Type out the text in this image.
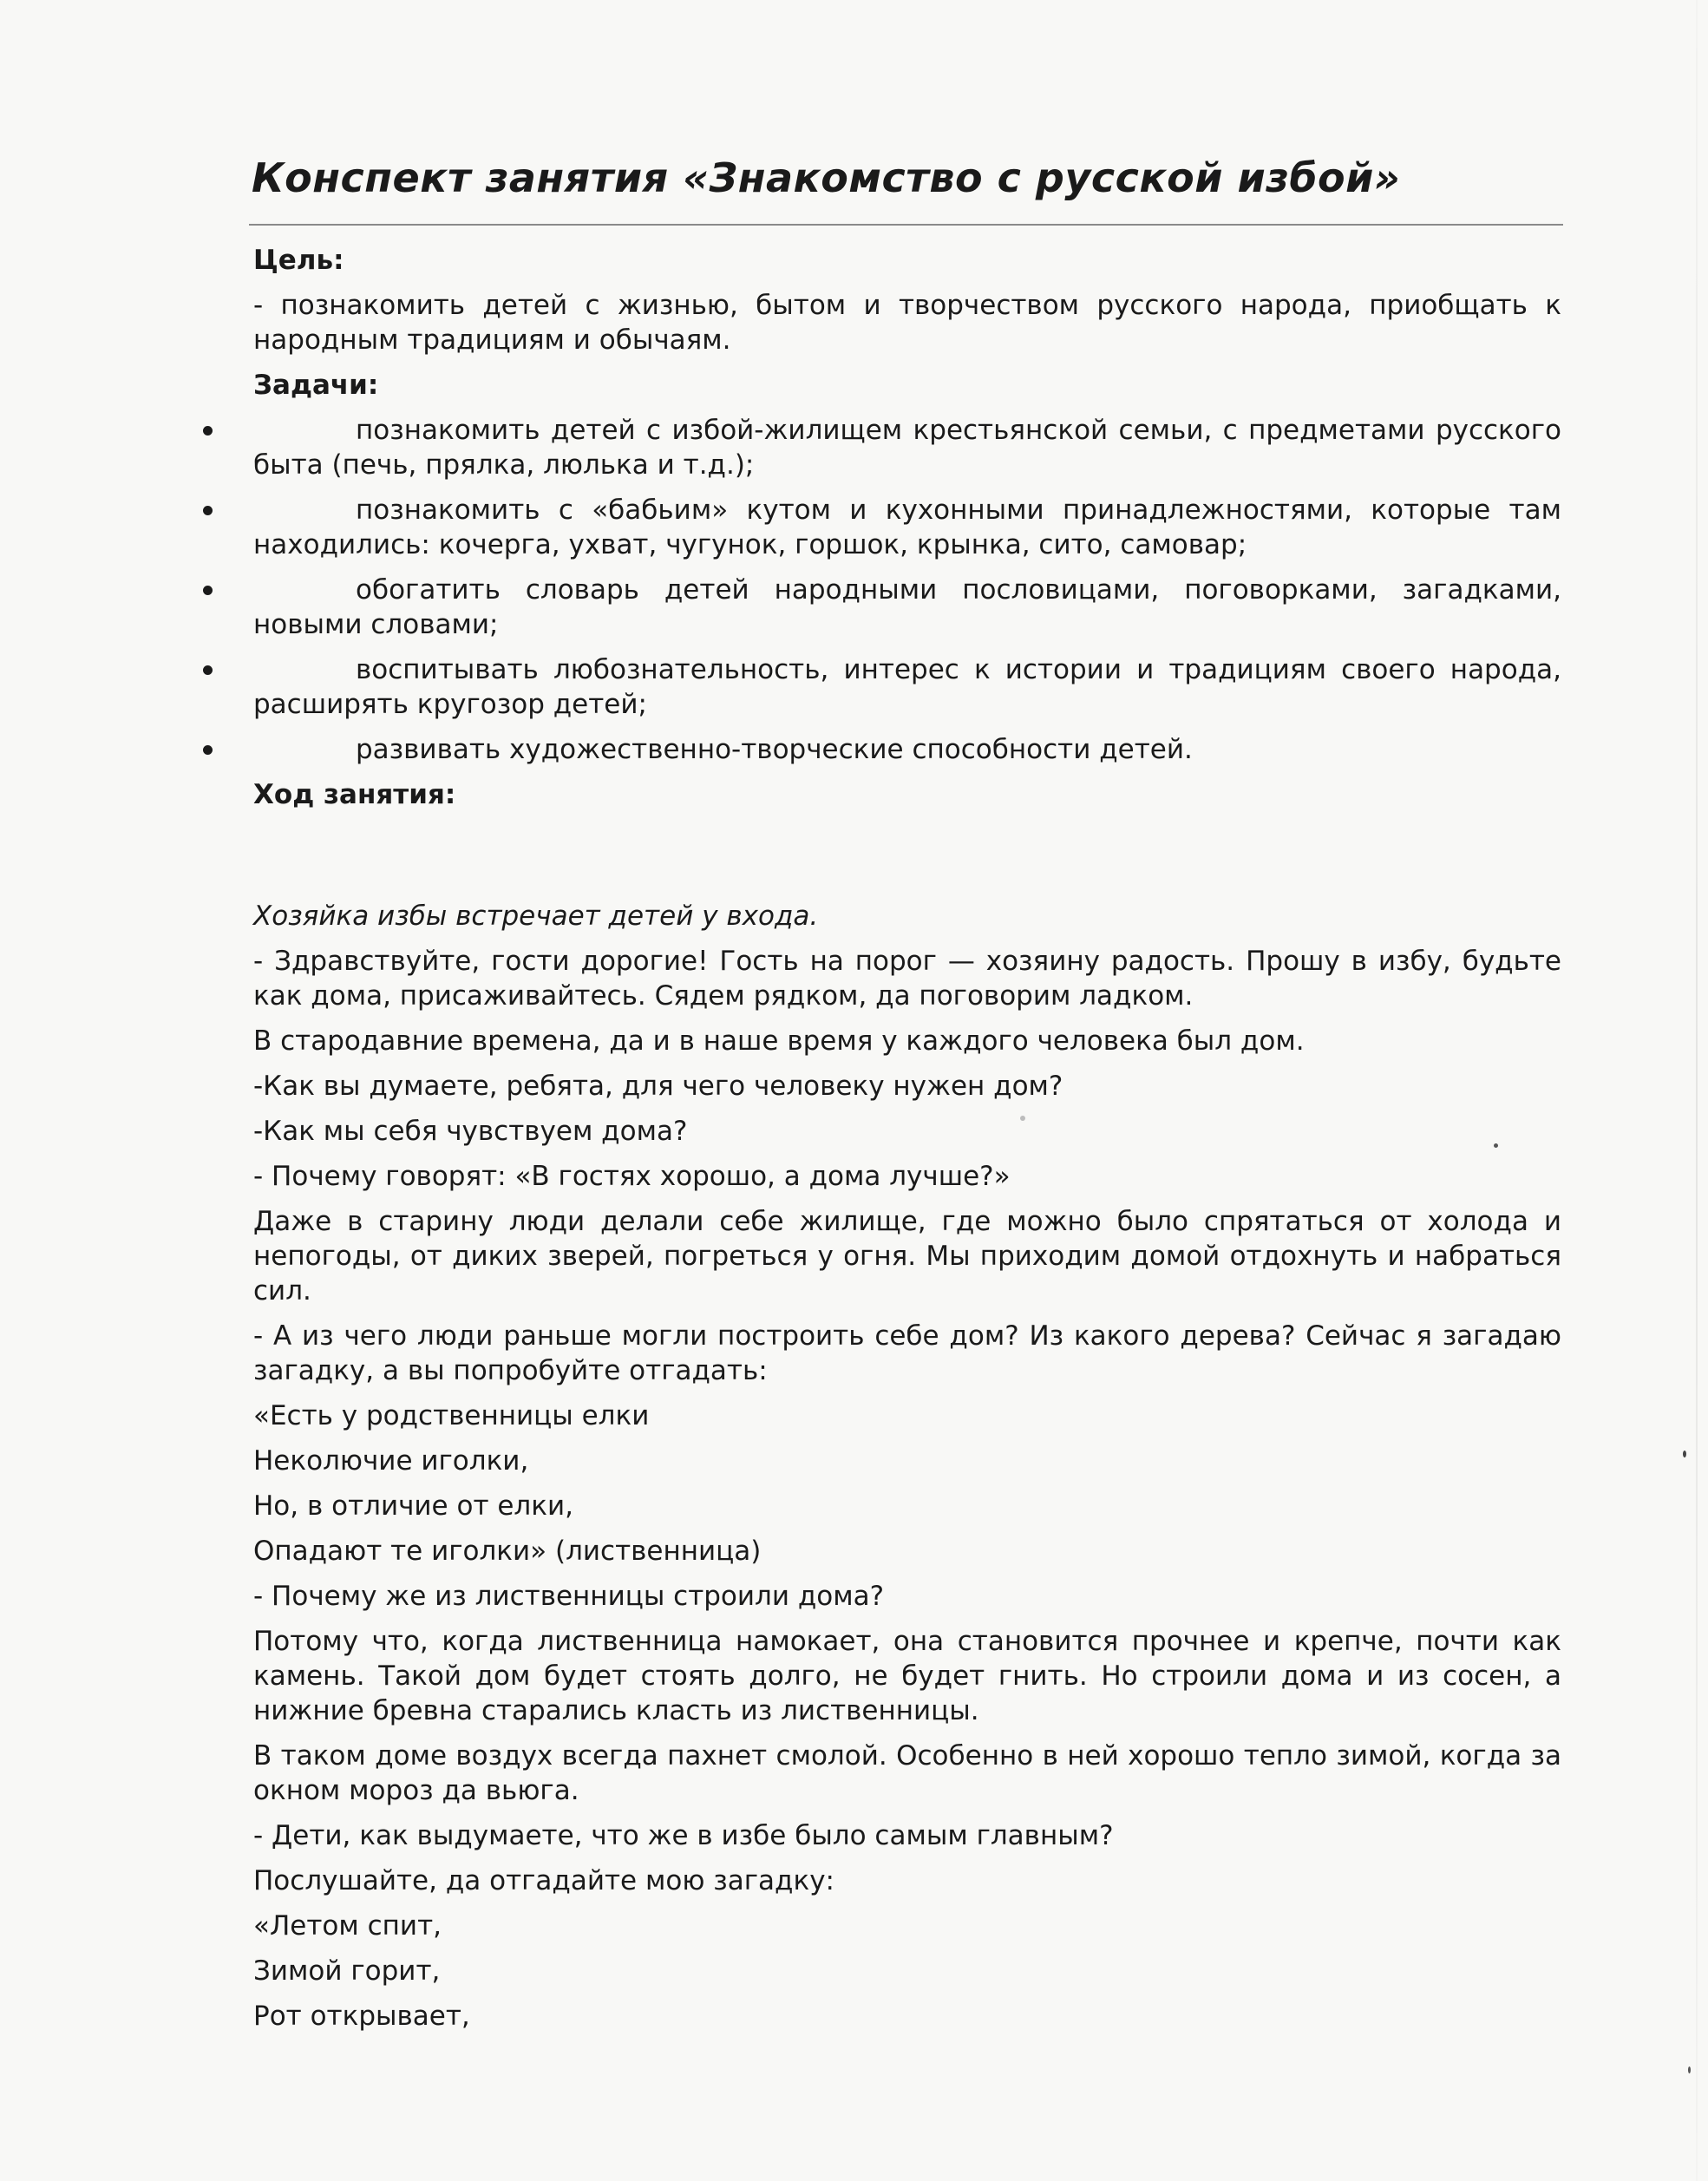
Конспект занятия «Знакомство с русской избой»
Цель:
- познакомить детей с жизнью, бытом и творчеством русского народа, приобщать к народным традициям и обычаям.
Задачи:
познакомить детей с избой-жилищем крестьянской семьи, с предметами русского быта (печь, прялка, люлька и т.д.);
познакомить с «бабьим» кутом и кухонными принадлежностями, которые там находились: кочерга, ухват, чугунок, горшок, крынка, сито, самовар;
обогатить словарь детей народными пословицами, поговорками, загадками, новыми словами;
воспитывать любознательность, интерес к истории и традициям своего народа, расширять кругозор детей;
развивать художественно-творческие способности детей.
Ход занятия:
Хозяйка избы встречает детей у входа.
- Здравствуйте, гости дорогие! Гость на порог — хозяину радость. Прошу в избу, будьте как дома, присаживайтесь. Сядем рядком, да поговорим ладком.
В стародавние времена, да и в наше время у каждого человека был дом.
-Как вы думаете, ребята, для чего человеку нужен дом?
-Как мы себя чувствуем дома?
- Почему говорят: «В гостях хорошо, а дома лучше?»
Даже в старину люди делали себе жилище, где можно было спрятаться от холода и непогоды, от диких зверей, погреться у огня. Мы приходим домой отдохнуть и набраться сил.
- А из чего люди раньше могли построить себе дом? Из какого дерева? Сейчас я загадаю загадку, а вы попробуйте отгадать:
«Есть у родственницы елки
Неколючие иголки,
Но, в отличие от елки,
Опадают те иголки» (лиственница)
- Почему же из лиственницы строили дома?
Потому что, когда лиственница намокает, она становится прочнее и крепче, почти как камень. Такой дом будет стоять долго, не будет гнить. Но строили дома и из сосен, а нижние бревна старались класть из лиственницы.
В таком доме воздух всегда пахнет смолой. Особенно в ней хорошо тепло зимой, когда за окном мороз да вьюга.
- Дети, как выдумаете, что же в избе было самым главным?
Послушайте, да отгадайте мою загадку:
«Летом спит,
Зимой горит,
Рот открывает,
